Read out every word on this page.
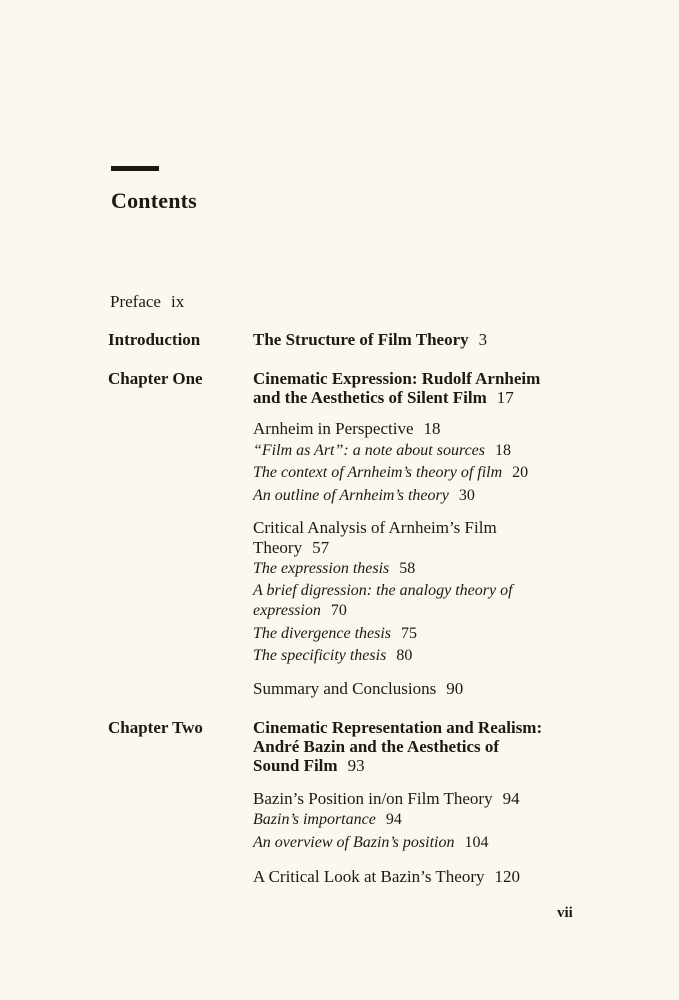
Contents
Preface ix
Introduction	The Structure of Film Theory 3
Chapter One	Cinematic Expression: Rudolf Arnheim
and the Aesthetics of Silent Film 17
Arnheim in Perspective 18
“Film as Art”: a note about sources 18
The context of Arnheim’s theory of film 20
An outline of Arnheim’s theory 30
Critical Analysis of Arnheim’s Film
Theory 57
The expression thesis 58
A brief digression: the analogy theory of
expression 70
The divergence thesis 75
The specificity thesis 80
Summary and Conclusions 90
Chapter Two	Cinematic Representation and Realism:
André Bazin and the Aesthetics of
Sound Film 93
Bazin’s Position in/on Film Theory 94
Bazin’s importance 94
An overview of Bazin’s position 104
A Critical Look at Bazin’s Theory 120
vii
